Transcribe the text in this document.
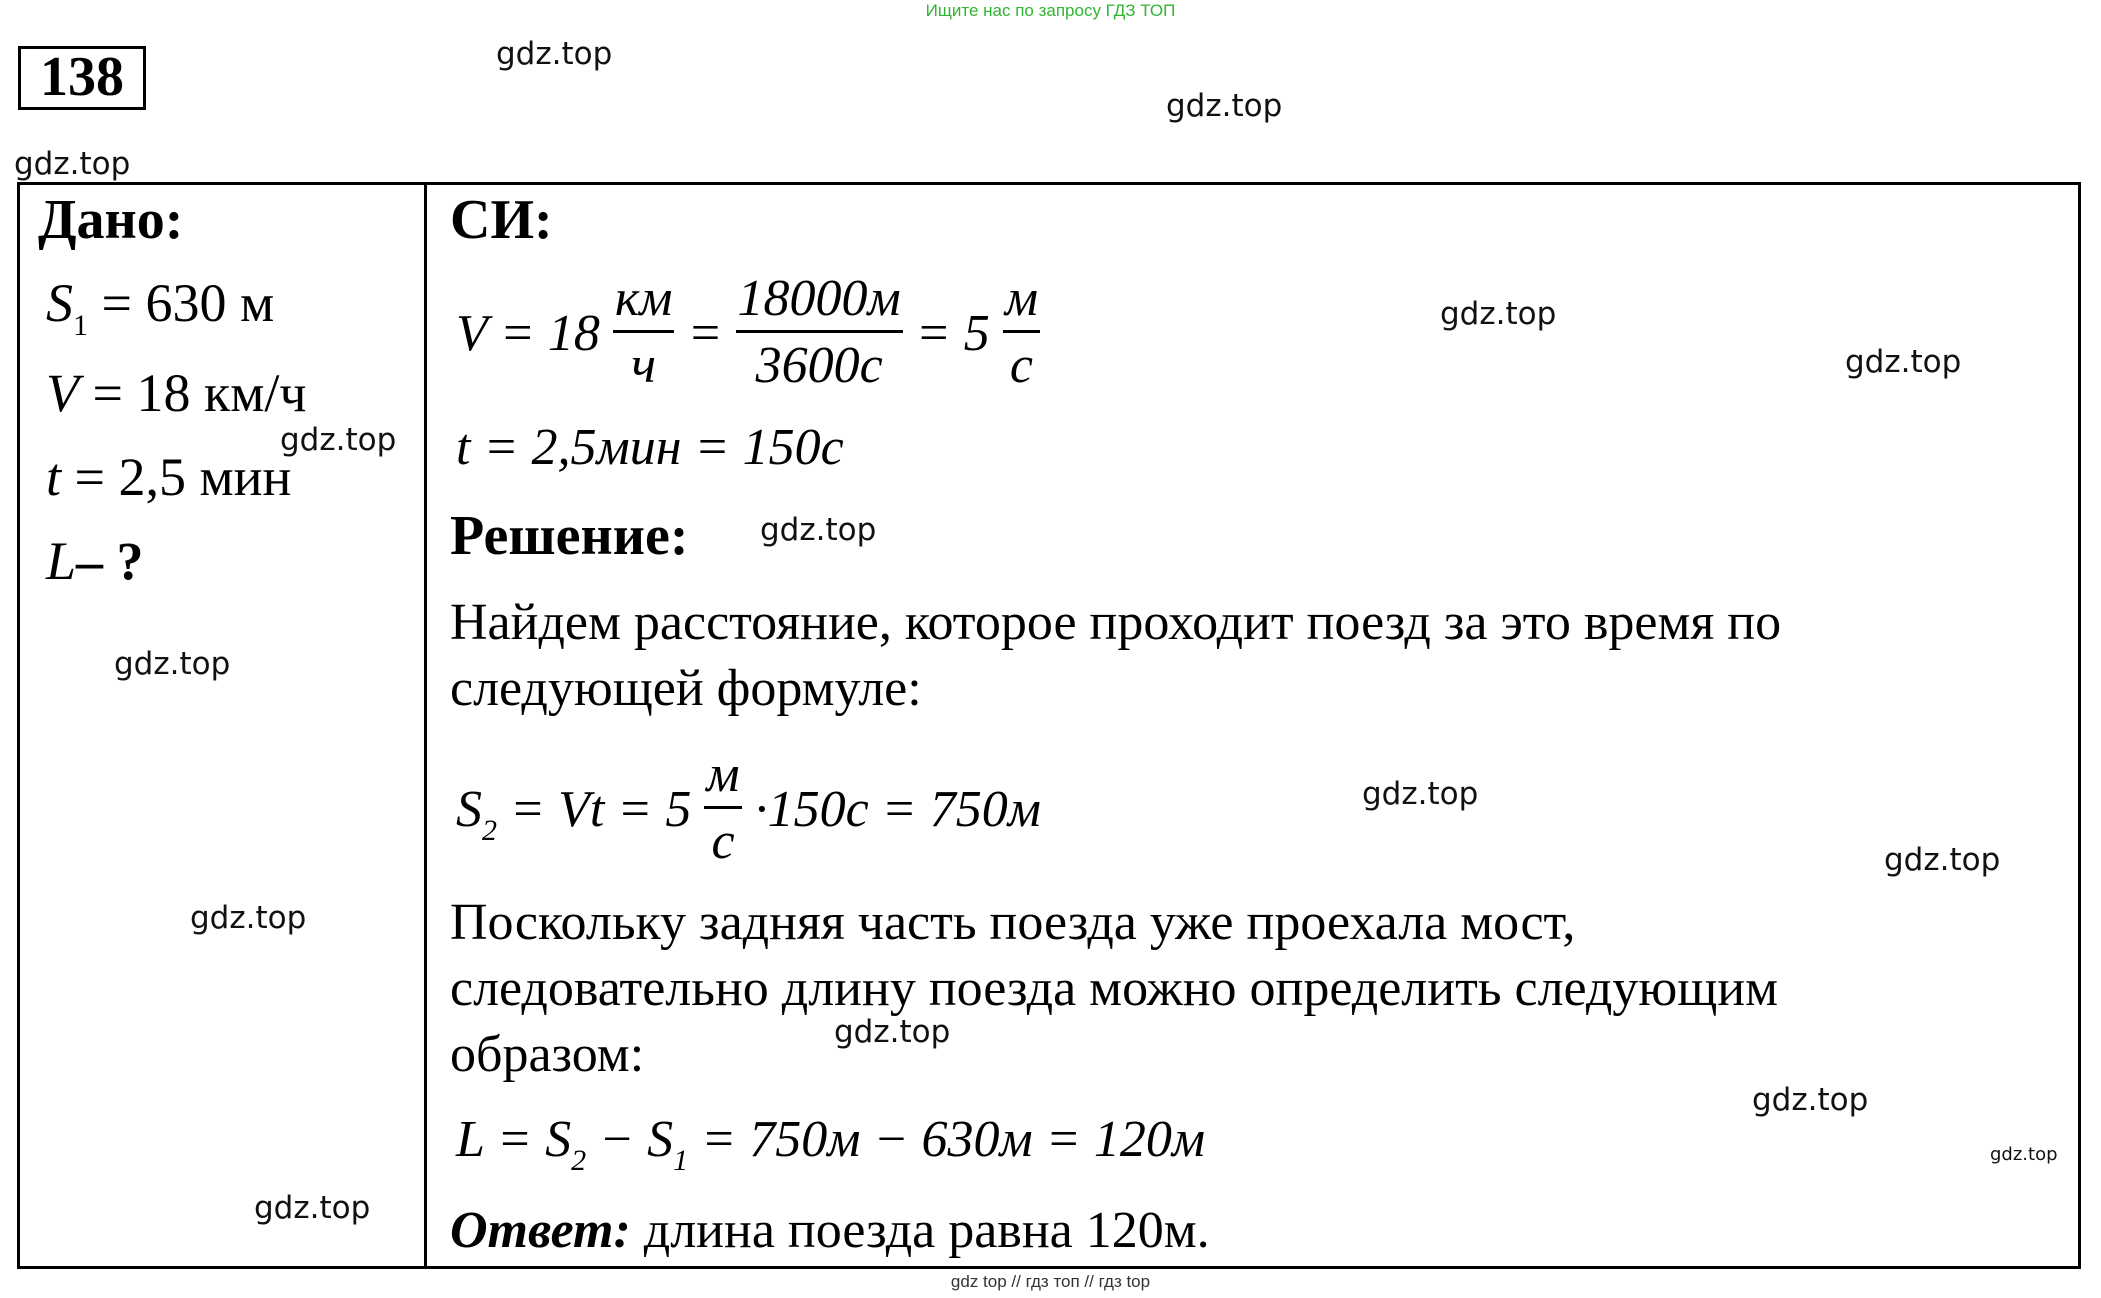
Ищите нас по запросу ГДЗ ТОП
138
Дано:
$S_1 = 630$ м
V = 18 км/ч
t = 2,5 мин
L– ?
СИ:
$V = 18 \frac{км}{ч} = \frac{18000м}{3600с} = 5 \frac{м}{с}$
t = 2,5мин = 150с
Решение:
Найдем расстояние, которое проходит поезд за это время по
следующей формуле:
$S_2 = Vt = 5 \frac{м}{с} \cdot 150с = 750м$
Поскольку задняя часть поезда уже проехала мост,
следовательно длину поезда можно определить следующим
образом:
$L = S_2 - S_1 = 750м - 630м = 120м$
Ответ: длина поезда равна 120м.
gdz.top
gdz.top
gdz.top
gdz.top
gdz.top
gdz.top
gdz.top
gdz.top
gdz.top
gdz.top
gdz.top
gdz.top
gdz.top
gdz.top
gdz.top
gdz top // гдз топ // гдз top
